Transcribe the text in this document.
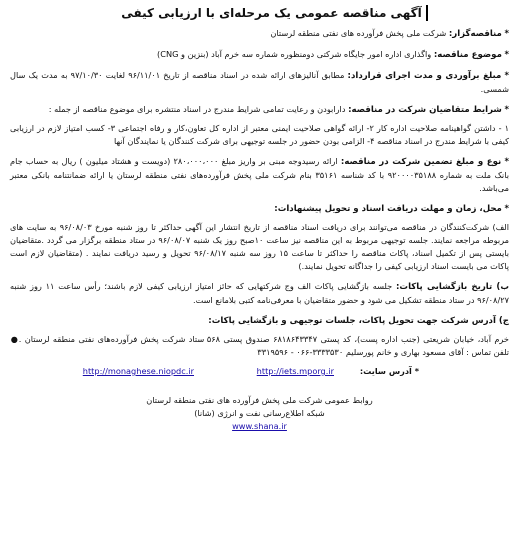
آگهی مناقصه عمومی یک مرحله‌ای با ارزیابی کیفی

* مناقصه‌گزار: شرکت ملی پخش فرآورده های نفتی منطقه لرستان

* موضوع مناقصه: واگذاری اداره امور جایگاه شرکتی دومنظوره شماره سه خرم آباد (بنزین و CNG)

* مبلغ برآوردی و مدت اجرای قرارداد: مطابق آنالیزهای ارائه شده در اسناد مناقصه از تاریخ ۹۶/۱۱/۰۱ لغایت ۹۷/۱۰/۳۰ به مدت یک سال شمسی.

* شرایط متقاضیان شرکت در مناقصه: دارابودن و رعایت تمامی شرایط مندرج در اسناد منتشره برای موضوع مناقصه از جمله :

۱ - داشتن گواهینامه صلاحیت اداره کار ۲- ارائه گواهی صلاحیت ایمنی معتبر از اداره کل تعاون،کار و رفاه اجتماعی ۳- کسب امتیاز لازم در ارزیابی کیفی با شرایط مندرج در اسناد مناقصه ۴- الزامی بودن حضور در جلسه توجیهی برای شرکت کنندگان یا نمایندگان آنها

* نوع و مبلغ تضمین شرکت در مناقصه: ارائه رسیدوجه مبنی بر واریز مبلغ ۲۸۰،۰۰۰،۰۰۰ (دویست و هشتاد میلیون ) ریال به حساب جام بانک ملت به شماره ۹۲۰۰۰۰۳۵۱۸۸ با کد شناسه ۳۵۱۶۱ بنام شرکت ملی پخش فرآورده‌های نفتی منطقه لرستان یا ارائه ضمانتنامه بانکی معتبر می‌باشد.

* محل، زمان و مهلت دریافت اسناد و تحویل پیشنهادات:

الف) شرکت‌کنندگان در مناقصه می‌توانند برای دریافت اسناد مناقصه از تاریخ انتشار این آگهی حداکثر تا روز شنبه مورخ ۹۶/۰۸/۰۳ به سایت های مربوطه مراجعه نمایند. جلسه توجیهی مربوط به این مناقصه نیز ساعت ۱۰صبح روز یک شنبه ۹۶/۰۸/۰۷ در ستاد منطقه برگزار می گردد .متقاضیان بایستی پس از تکمیل اسناد، پاکات مناقصه را حداکثر تا ساعت ۱۵ روز سه شنبه ۹۶/۰۸/۱۷ تحویل و رسید دریافت نمایند . (متقاضیان لازم است پاکات می بایست اسناد ارزیابی کیفی را جداگانه تحویل نمایند.)

ب) تاریخ بازگشایی پاکات: جلسه بازگشایی پاکات الف وج شرکتهایی که حائز امتیاز ارزیابی کیفی لازم باشند؛ رأس ساعت ۱۱ روز شنبه ۹۶/۰۸/۲۷ در ستاد منطقه تشکیل می شود و حضور متقاضیان با معرفی‌نامه کتبی بلامانع است.

ج) آدرس شرکت جهت تحویل پاکات، جلسات توجیهی و بازگشایی پاکات:

خرم آباد، خیابان شریعتی (جنب اداره پست)، کد پستی ۶۸۱۸۶۴۳۳۴۷ صندوق پستی ۵۶۸ ستاد شرکت پخش فرآورده‌های نفتی منطقه لرستان .● تلفن تماس : آقای مسعود بهاری و خانم پورسلیم ۳۳۳۳۵۳۰-۰۶۶ - ۳۳۱۹۵۹۶

* آدرس سایت:
http://iets.mporg.ir
http://monaghese.niopdc.ir
روابط عمومی شرکت ملی پخش فرآورده های نفتی منطقه لرستان
شبکه اطلاع‌رسانی نفت و انرژی (شانا)
www.shana.ir
